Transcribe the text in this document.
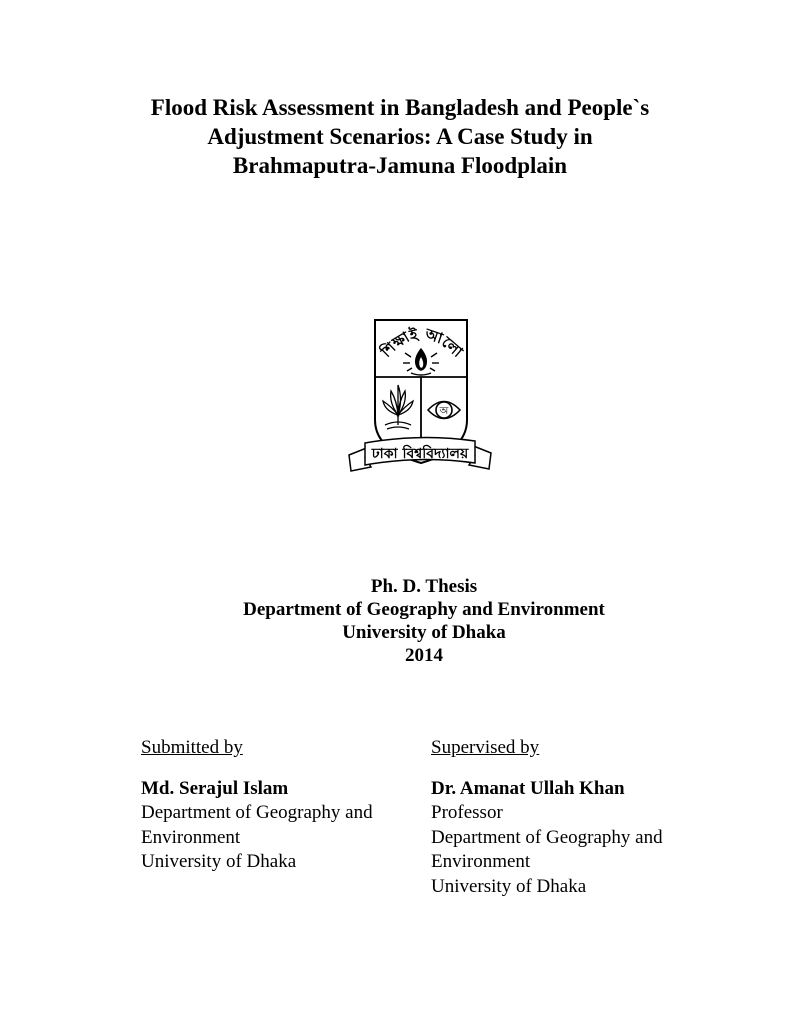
Flood Risk Assessment in Bangladesh and People`s
Adjustment Scenarios: A Case Study in
Brahmaputra-Jamuna Floodplain
শিক্ষাই আলো
অ
ঢাকা বিশ্ববিদ্যালয়
Ph. D. Thesis
Department of Geography and Environment
University of Dhaka
2014
Submitted by
Md. Serajul Islam
Department of Geography and
Environment
University of Dhaka
Supervised by
Dr. Amanat Ullah Khan
Professor
Department of Geography and
Environment
University of Dhaka
